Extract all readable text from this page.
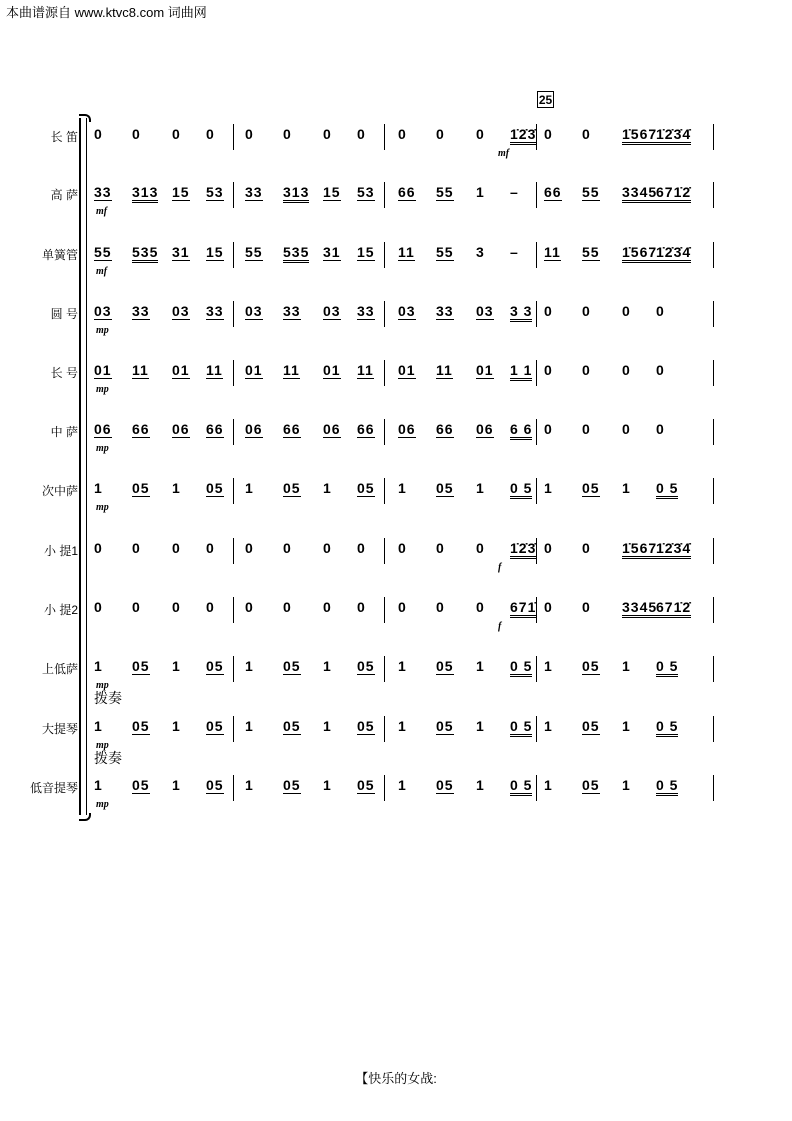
本曲谱源自 www.ktvc8.com 词曲网
25
长 笛 0 0 0 0 0 0 0 0 0 0 0 1̇2̇3̇ 0 0 1̇567
1̇2̇3̇4̇
mf
高 萨 33 313 15 53 33 313 15 53 66 55 1 – 66 55 3345
671̇2̇
mf
单簧管 55 535 31 15 55 535 31 15 11 55 3 – 11 55 1̇567
1̇2̇3̇4̇
mf
圆 号 03 33 03 33 03 33 03 33 03 33 03 3 3 0 0 0 0
mp
长 号 01 11 01 11 01 11 01 11 01 11 01 1 1 0 0 0 0
mp
中 萨 06 66 06 66 06 66 06 66 06 66 06 6 6 0 0 0 0
mp
次中萨 1 05 1 05 1 05 1 05 1 05 1 0 5 1 05 1 0 5
mp
小 提1 0 0 0 0 0 0 0 0 0 0 0 1̇2̇3̇ 0 0 1̇567
1̇2̇3̇4̇
f
小 提2 0 0 0 0 0 0 0 0 0 0 0 671̇ 0 0 3345
671̇2̇
f
上低萨 1 05 1 05 1 05 1 05 1 05 1 0 5 1 05 1 0 5
mp
拨奏
大提琴 1 05 1 05 1 05 1 05 1 05 1 0 5 1 05 1 0 5
mp
拨奏
低音提琴 1 05 1 05 1 05 1 05 1 05 1 0 5 1 05 1 0 5
mp
【快乐的女战:
